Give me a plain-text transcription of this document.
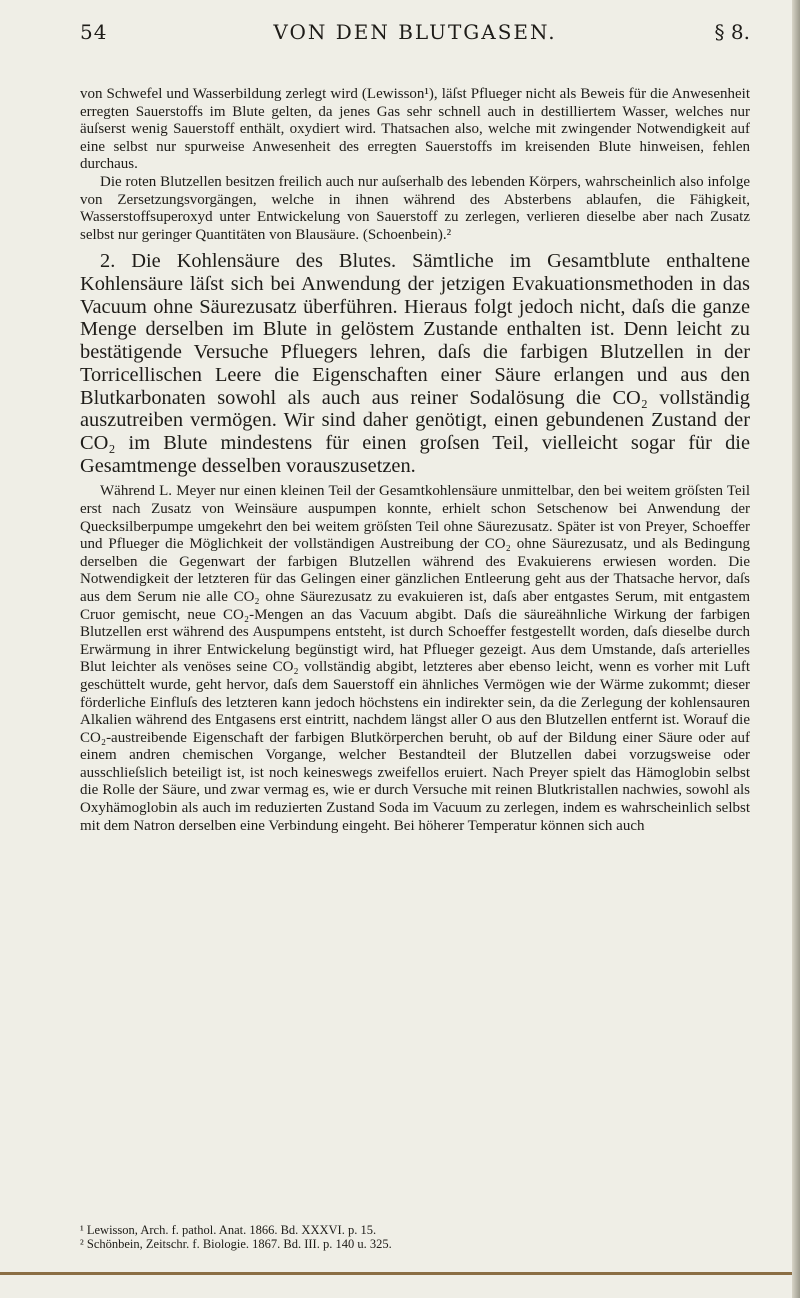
54	VON DEN BLUTGASEN.	§ 8.

von Schwefel und Wasserbildung zerlegt wird (Lewisson¹), läſst Pflueger nicht als Beweis für die Anwesenheit erregten Sauerstoffs im Blute gelten, da jenes Gas sehr schnell auch in destilliertem Wasser, welches nur äuſserst wenig Sauerstoff enthält, oxydiert wird. Thatsachen also, welche mit zwingender Notwendigkeit auf eine selbst nur spurweise Anwesenheit des erregten Sauerstoffs im kreisenden Blute hinweisen, fehlen durchaus.

Die roten Blutzellen besitzen freilich auch nur auſserhalb des lebenden Körpers, wahrscheinlich also infolge von Zersetzungsvorgängen, welche in ihnen während des Absterbens ablaufen, die Fähigkeit, Wasserstoffsuperoxyd unter Entwickelung von Sauerstoff zu zerlegen, verlieren dieselbe aber nach Zusatz selbst nur geringer Quantitäten von Blausäure. (Schoenbein).²

2. Die Kohlensäure des Blutes. Sämtliche im Gesamtblute enthaltene Kohlensäure läſst sich bei Anwendung der jetzigen Evakuationsmethoden in das Vacuum ohne Säurezusatz überführen. Hieraus folgt jedoch nicht, daſs die ganze Menge derselben im Blute in gelöstem Zustande enthalten ist. Denn leicht zu bestätigende Versuche Pfluegers lehren, daſs die farbigen Blutzellen in der Torricellischen Leere die Eigenschaften einer Säure erlangen und aus den Blutkarbonaten sowohl als auch aus reiner Sodalösung die CO₂ vollständig auszutreiben vermögen. Wir sind daher genötigt, einen gebundenen Zustand der CO₂ im Blute mindestens für einen groſsen Teil, vielleicht sogar für die Gesamtmenge desselben vorauszusetzen.

Während L. Meyer nur einen kleinen Teil der Gesamtkohlensäure unmittelbar, den bei weitem gröſsten Teil erst nach Zusatz von Weinsäure auspumpen konnte, erhielt schon Setschenow bei Anwendung der Quecksilberpumpe umgekehrt den bei weitem gröſsten Teil ohne Säurezusatz. Später ist von Preyer, Schoeffer und Pflueger die Möglichkeit der vollständigen Austreibung der CO₂ ohne Säurezusatz, und als Bedingung derselben die Gegenwart der farbigen Blutzellen während des Evakuierens erwiesen worden. Die Notwendigkeit der letzteren für das Gelingen einer gänzlichen Entleerung geht aus der Thatsache hervor, daſs aus dem Serum nie alle CO₂ ohne Säurezusatz zu evakuieren ist, daſs aber entgastes Serum, mit entgastem Cruor gemischt, neue CO₂-Mengen an das Vacuum abgibt. Daſs die säureähnliche Wirkung der farbigen Blutzellen erst während des Auspumpens entsteht, ist durch Schoeffer festgestellt worden, daſs dieselbe durch Erwärmung in ihrer Entwickelung begünstigt wird, hat Pflueger gezeigt. Aus dem Umstande, daſs arterielles Blut leichter als venöses seine CO₂ vollständig abgibt, letzteres aber ebenso leicht, wenn es vorher mit Luft geschüttelt wurde, geht hervor, daſs dem Sauerstoff ein ähnliches Vermögen wie der Wärme zukommt; dieser förderliche Einfluſs des letzteren kann jedoch höchstens ein indirekter sein, da die Zerlegung der kohlensauren Alkalien während des Entgasens erst eintritt, nachdem längst aller O aus den Blutzellen entfernt ist. Worauf die CO₂-austreibende Eigenschaft der farbigen Blutkörperchen beruht, ob auf der Bildung einer Säure oder auf einem andren chemischen Vorgange, welcher Bestandteil der Blutzellen dabei vorzugsweise oder ausschlieſslich beteiligt ist, ist noch keineswegs zweifellos eruiert. Nach Preyer spielt das Hämoglobin selbst die Rolle der Säure, und zwar vermag es, wie er durch Versuche mit reinen Blutkristallen nachwies, sowohl als Oxyhämoglobin als auch im reduzierten Zustand Soda im Vacuum zu zerlegen, indem es wahrscheinlich selbst mit dem Natron derselben eine Verbindung eingeht. Bei höherer Temperatur können sich auch

¹ Lewisson, Arch. f. pathol. Anat. 1866. Bd. XXXVI. p. 15.

² Schönbein, Zeitschr. f. Biologie. 1867. Bd. III. p. 140 u. 325.
